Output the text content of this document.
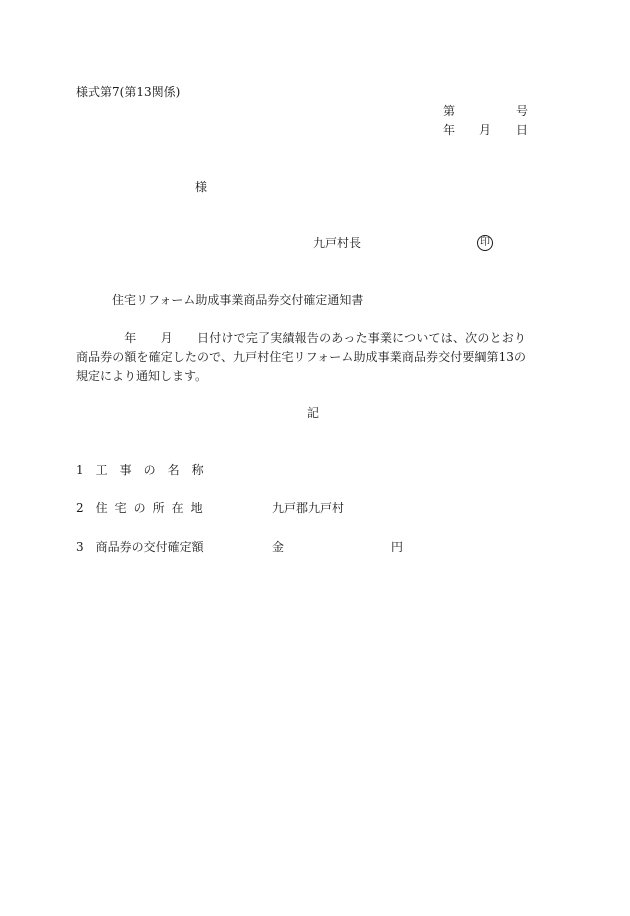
様式第7(第13関係)
第	号
年 月 日
様
九戸村長	印
住宅リフォーム助成事業商品券交付確定通知書
年 月 日付けで完了実績報告のあった事業については、次のとおり商品券の額を確定したので、九戸村住宅リフォーム助成事業商品券交付要綱第13の規定により通知します。
記
1 工事の名称
2 住宅の所在地	九戸郡九戸村
3 商品券の交付確定額	金	円
